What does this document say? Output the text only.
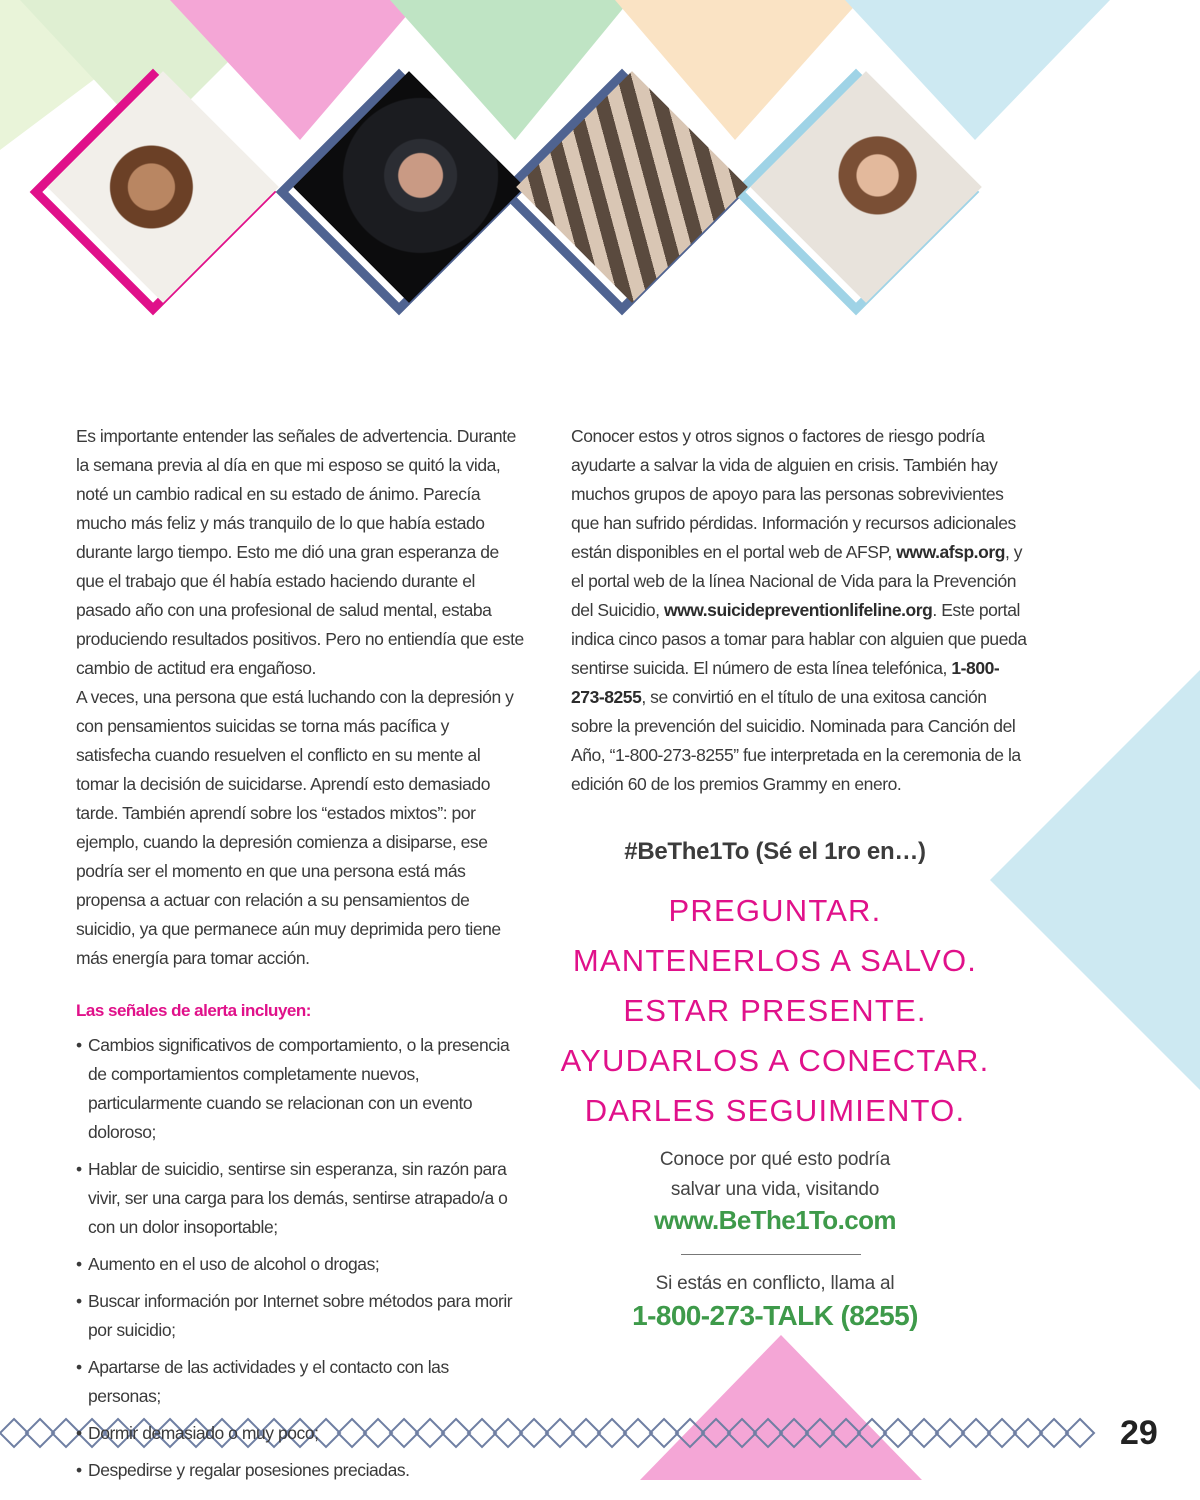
Es importante entender las señales de advertencia. Durante la semana previa al día en que mi esposo se quitó la vida, noté un cambio radical en su estado de ánimo. Parecía mucho más feliz y más tranquilo de lo que había estado durante largo tiempo. Esto me dió una gran esperanza de que el trabajo que él había estado haciendo durante el pasado año con una profesional de salud mental, estaba produciendo resultados positivos. Pero no entiendía que este cambio de actitud era engañoso.

A veces, una persona que está luchando con la depresión y con pensamientos suicidas se torna más pacífica y satisfecha cuando resuelven el conflicto en su mente al tomar la decisión de suicidarse. Aprendí esto demasiado tarde. También aprendí sobre los “estados mixtos”: por ejemplo, cuando la depresión comienza a disiparse, ese podría ser el momento en que una persona está más propensa a actuar con relación a su pensamientos de suicidio, ya que permanece aún muy deprimida pero tiene más energía para tomar acción.

Las señales de alerta incluyen:

• Cambios significativos de comportamiento, o la presencia de comportamientos completamente nuevos, particularmente cuando se relacionan con un evento doloroso;
• Hablar de suicidio, sentirse sin esperanza, sin razón para vivir, ser una carga para los demás, sentirse atrapado/a o con un dolor insoportable;
• Aumento en el uso de alcohol o drogas;
• Buscar información por Internet sobre métodos para morir por suicidio;
• Apartarse de las actividades y el contacto con las personas;
• Dormir demasiado o muy poco;
• Despedirse y regalar posesiones preciadas.

Conocer estos y otros signos o factores de riesgo podría ayudarte a salvar la vida de alguien en crisis. También hay muchos grupos de apoyo para las personas sobrevivientes que han sufrido pérdidas. Información y recursos adicionales están disponibles en el portal web de AFSP, www.afsp.org, y el portal web de la línea Nacional de Vida para la Prevención del Suicidio, www.suicidepreventionlifeline.org. Este portal indica cinco pasos a tomar para hablar con alguien que pueda sentirse suicida. El número de esta línea telefónica, 1-800-273-8255, se convirtió en el título de una exitosa canción sobre la prevención del suicidio. Nominada para Canción del Año, “1-800-273-8255” fue interpretada en la ceremonia de la edición 60 de los premios Grammy en enero.

#BeThe1To (Sé el 1ro en…)
PREGUNTAR.
MANTENERLOS A SALVO.
ESTAR PRESENTE.
AYUDARLOS A CONECTAR.
DARLES SEGUIMIENTO.
Conoce por qué esto podría
salvar una vida, visitando
www.BeThe1To.com
Si estás en conflicto, llama al
1-800-273-TALK (8255)
29
